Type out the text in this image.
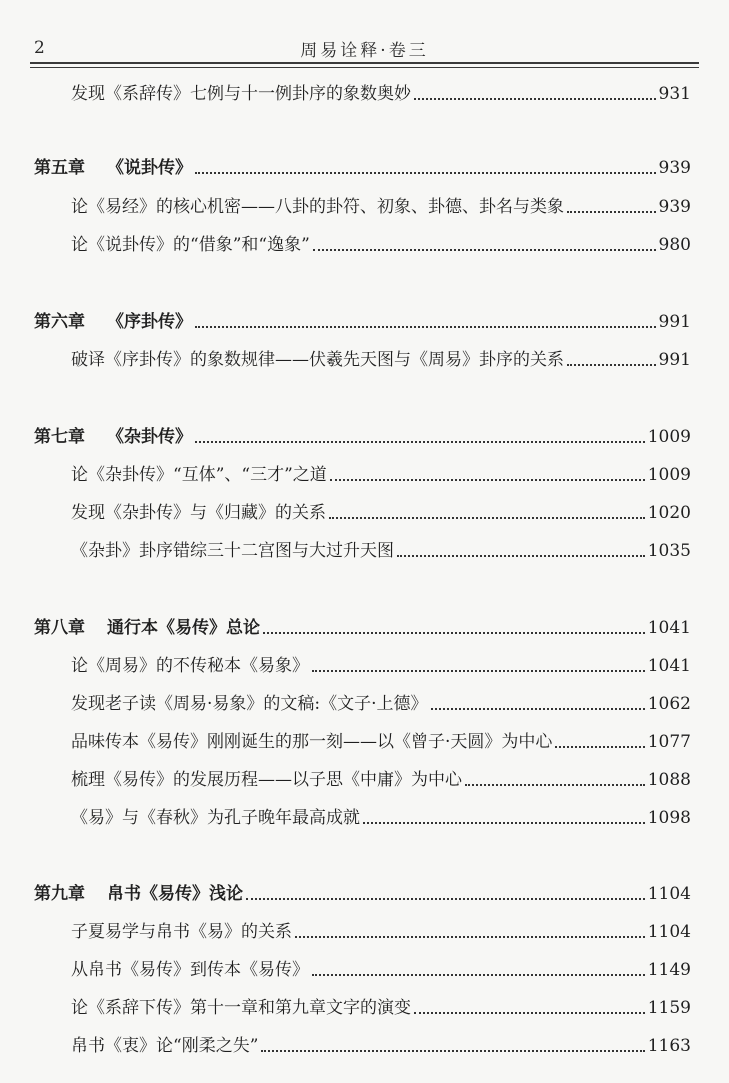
2	周易诠释·卷三
发现《系辞传》七例与十一例卦序的象数奥妙	931
第五章 《说卦传》	939
论《易经》的核心机密——八卦的卦符、初象、卦德、卦名与类象	939
论《说卦传》的“借象”和“逸象”	980
第六章 《序卦传》	991
破译《序卦传》的象数规律——伏羲先天图与《周易》卦序的关系	991
第七章 《杂卦传》	1009
论《杂卦传》“互体”、“三才”之道	1009
发现《杂卦传》与《归藏》的关系	1020
《杂卦》卦序错综三十二宫图与大过升天图	1035
第八章 通行本《易传》总论	1041
论《周易》的不传秘本《易象》	1041
发现老子读《周易·易象》的文稿:《文子·上德》	1062
品味传本《易传》刚刚诞生的那一刻——以《曾子·天圆》为中心	1077
梳理《易传》的发展历程——以子思《中庸》为中心	1088
《易》与《春秋》为孔子晚年最高成就	1098
第九章 帛书《易传》浅论	1104
子夏易学与帛书《易》的关系	1104
从帛书《易传》到传本《易传》	1149
论《系辞下传》第十一章和第九章文字的演变	1159
帛书《衷》论“刚柔之失”	1163
